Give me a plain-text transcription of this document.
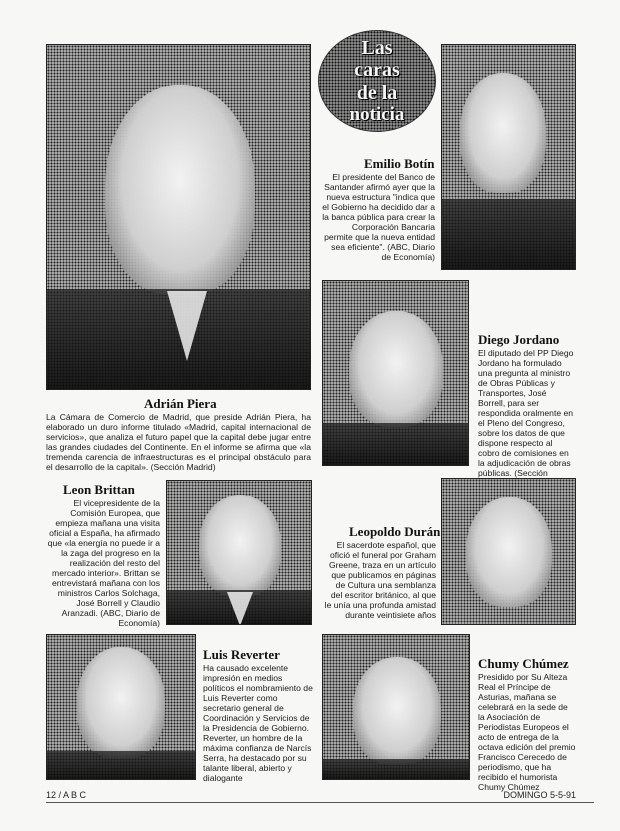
Las
caras
de la
noticia
Emilio Botín

El presidente del Banco de Santander afirmó ayer que la nueva estructura "indica que el Gobierno ha decidido dar a la banca pública para crear la Corporación Bancaria permite que la nueva entidad sea eficiente". (ABC, Diario de Economía)

Adrián Piera

La Cámara de Comercio de Madrid, que preside Adrián Piera, ha elaborado un duro informe titulado «Madrid, capital internacional de servicios», que analiza el futuro papel que la capital debe jugar entre las grandes ciudades del Continente. En el informe se afirma que «la tremenda carencia de infraestructuras es el principal obstáculo para el desarrollo de la capital». (Sección Madrid)

Diego Jordano

El diputado del PP Diego Jordano ha formulado una pregunta al ministro de Obras Públicas y Transportes, José Borrell, para ser respondida oralmente en el Pleno del Congreso, sobre los datos de que dispone respecto al cobro de comisiones en la adjudicación de obras públicas. (Sección

Leon Brittan

El vicepresidente de la Comisión Europea, que empieza mañana una visita oficial a España, ha afirmado que «la energía no puede ir a la zaga del progreso en la realización del resto del mercado interior». Brittan se entrevistará mañana con los ministros Carlos Solchaga, José Borrell y Claudio Aranzadi. (ABC, Diario de Economía)

Leopoldo Durán

El sacerdote español, que ofició el funeral por Graham Greene, traza en un artículo que publicamos en páginas de Cultura una semblanza del escritor británico, al que le unía una profunda amistad durante veintisiete años

Luis Reverter

Ha causado excelente impresión en medios políticos el nombramiento de Luis Reverter como secretario general de Coordinación y Servicios de la Presidencia de Gobierno. Reverter, un hombre de la máxima confianza de Narcís Serra, ha destacado por su talante liberal, abierto y dialogante

Chumy Chúmez

Presidido por Su Alteza Real el Príncipe de Asturias, mañana se celebrará en la sede de la Asociación de Periodistas Europeos el acto de entrega de la octava edición del premio Francisco Cerecedo de periodismo, que ha recibido el humorista Chumy Chúmez

12 / A B C	DOMINGO 5-5-91
